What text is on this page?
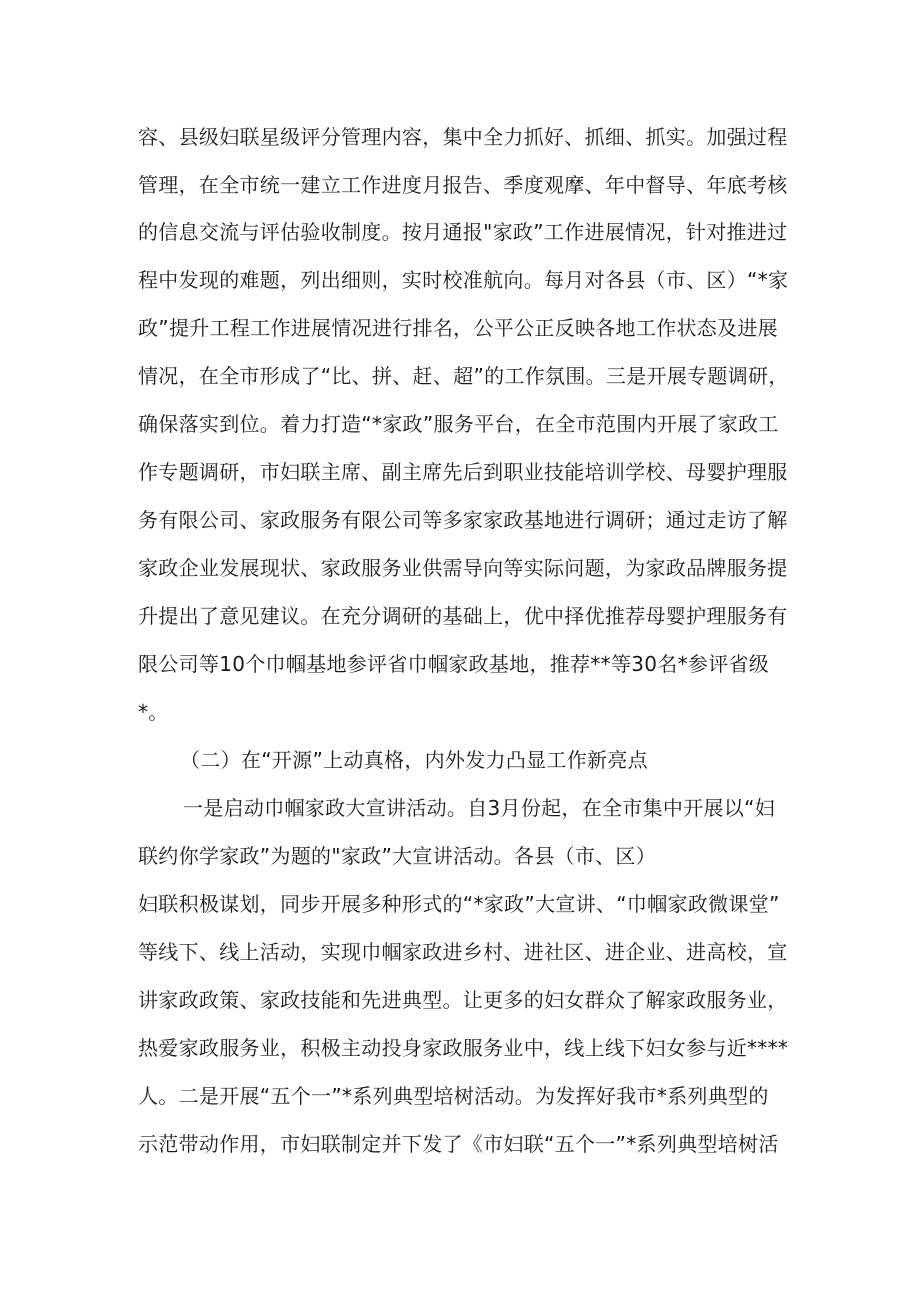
容、县级妇联星级评分管理内容，集中全力抓好、抓细、抓实。加强过程
管理，在全市统一建立工作进度月报告、季度观摩、年中督导、年底考核
的信息交流与评估验收制度。按月通报"家政”工作进展情况，针对推进过
程中发现的难题，列出细则，实时校准航向。每月对各县（市、区）“*家
政”提升工程工作进展情况进行排名，公平公正反映各地工作状态及进展
情况，在全市形成了“比、拼、赶、超”的工作氛围。三是开展专题调研，
确保落实到位。着力打造“*家政”服务平台，在全市范围内开展了家政工
作专题调研，市妇联主席、副主席先后到职业技能培训学校、母婴护理服
务有限公司、家政服务有限公司等多家家政基地进行调研；通过走访了解
家政企业发展现状、家政服务业供需导向等实际问题，为家政品牌服务提
升提出了意见建议。在充分调研的基础上，优中择优推荐母婴护理服务有
限公司等10个巾帼基地参评省巾帼家政基地，推荐**等30名*参评省级
*。
（二）在“开源”上动真格，内外发力凸显工作新亮点
一是启动巾帼家政大宣讲活动。自3月份起，在全市集中开展以“妇
联约你学家政”为题的"家政”大宣讲活动。各县（市、区）
妇联积极谋划，同步开展多种形式的“*家政”大宣讲、“巾帼家政微课堂”
等线下、线上活动，实现巾帼家政进乡村、进社区、进企业、进高校，宣
讲家政政策、家政技能和先进典型。让更多的妇女群众了解家政服务业，
热爱家政服务业，积极主动投身家政服务业中，线上线下妇女参与近****
人。二是开展“五个一”*系列典型培树活动。为发挥好我市*系列典型的
示范带动作用，市妇联制定并下发了《市妇联“五个一”*系列典型培树活
